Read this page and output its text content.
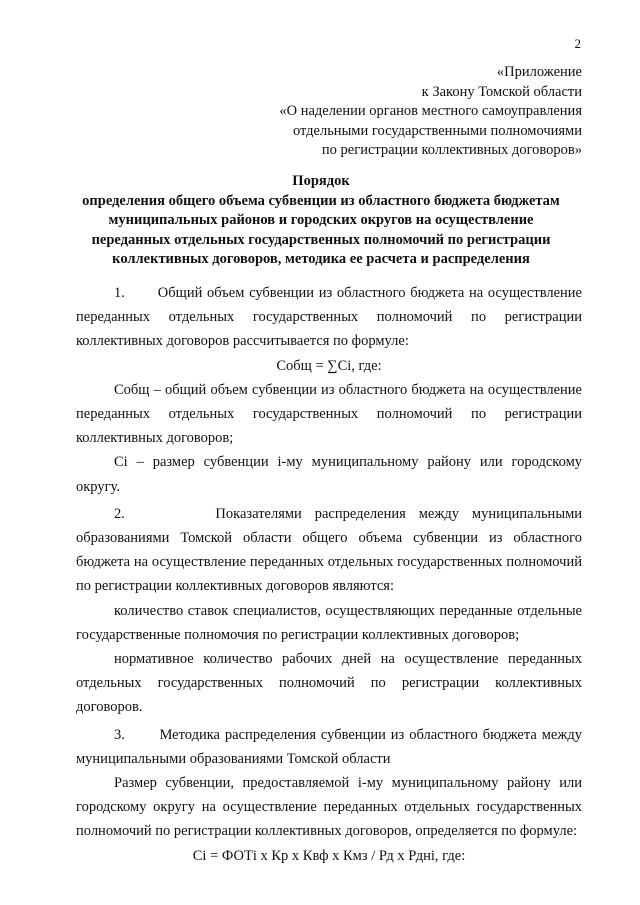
2
«Приложение
к Закону Томской области
«О наделении органов местного самоуправления
отдельными государственными полномочиями
по регистрации коллективных договоров»
Порядок
определения общего объема субвенции из областного бюджета бюджетам
муниципальных районов и городских округов на осуществление
переданных отдельных государственных полномочий по регистрации
коллективных договоров, методика ее расчета и распределения

1.       Общий объем субвенции из областного бюджета на осуществление переданных отдельных государственных полномочий по регистрации коллективных договоров рассчитывается по формуле:

Собщ = ∑Ci, где:

Собщ – общий объем субвенции из областного бюджета на осуществление переданных отдельных государственных полномочий по регистрации коллективных договоров;

Ci – размер субвенции i-му муниципальному району или городскому округу.

2.       Показателями распределения между муниципальными образованиями Томской области общего объема субвенции из областного бюджета на осуществление переданных отдельных государственных полномочий по регистрации коллективных договоров являются:

количество ставок специалистов, осуществляющих переданные отдельные государственные полномочия по регистрации коллективных договоров;

нормативное количество рабочих дней на осуществление переданных отдельных государственных полномочий по регистрации коллективных договоров.

3.       Методика распределения субвенции из областного бюджета между муниципальными образованиями Томской области

Размер субвенции, предоставляемой i-му муниципальному району или городскому округу на осуществление переданных отдельных государственных полномочий по регистрации коллективных договоров, определяется по формуле:

Ci = ФОТi х Кр х Квф х Кмз / Рд х Рдні, где:
